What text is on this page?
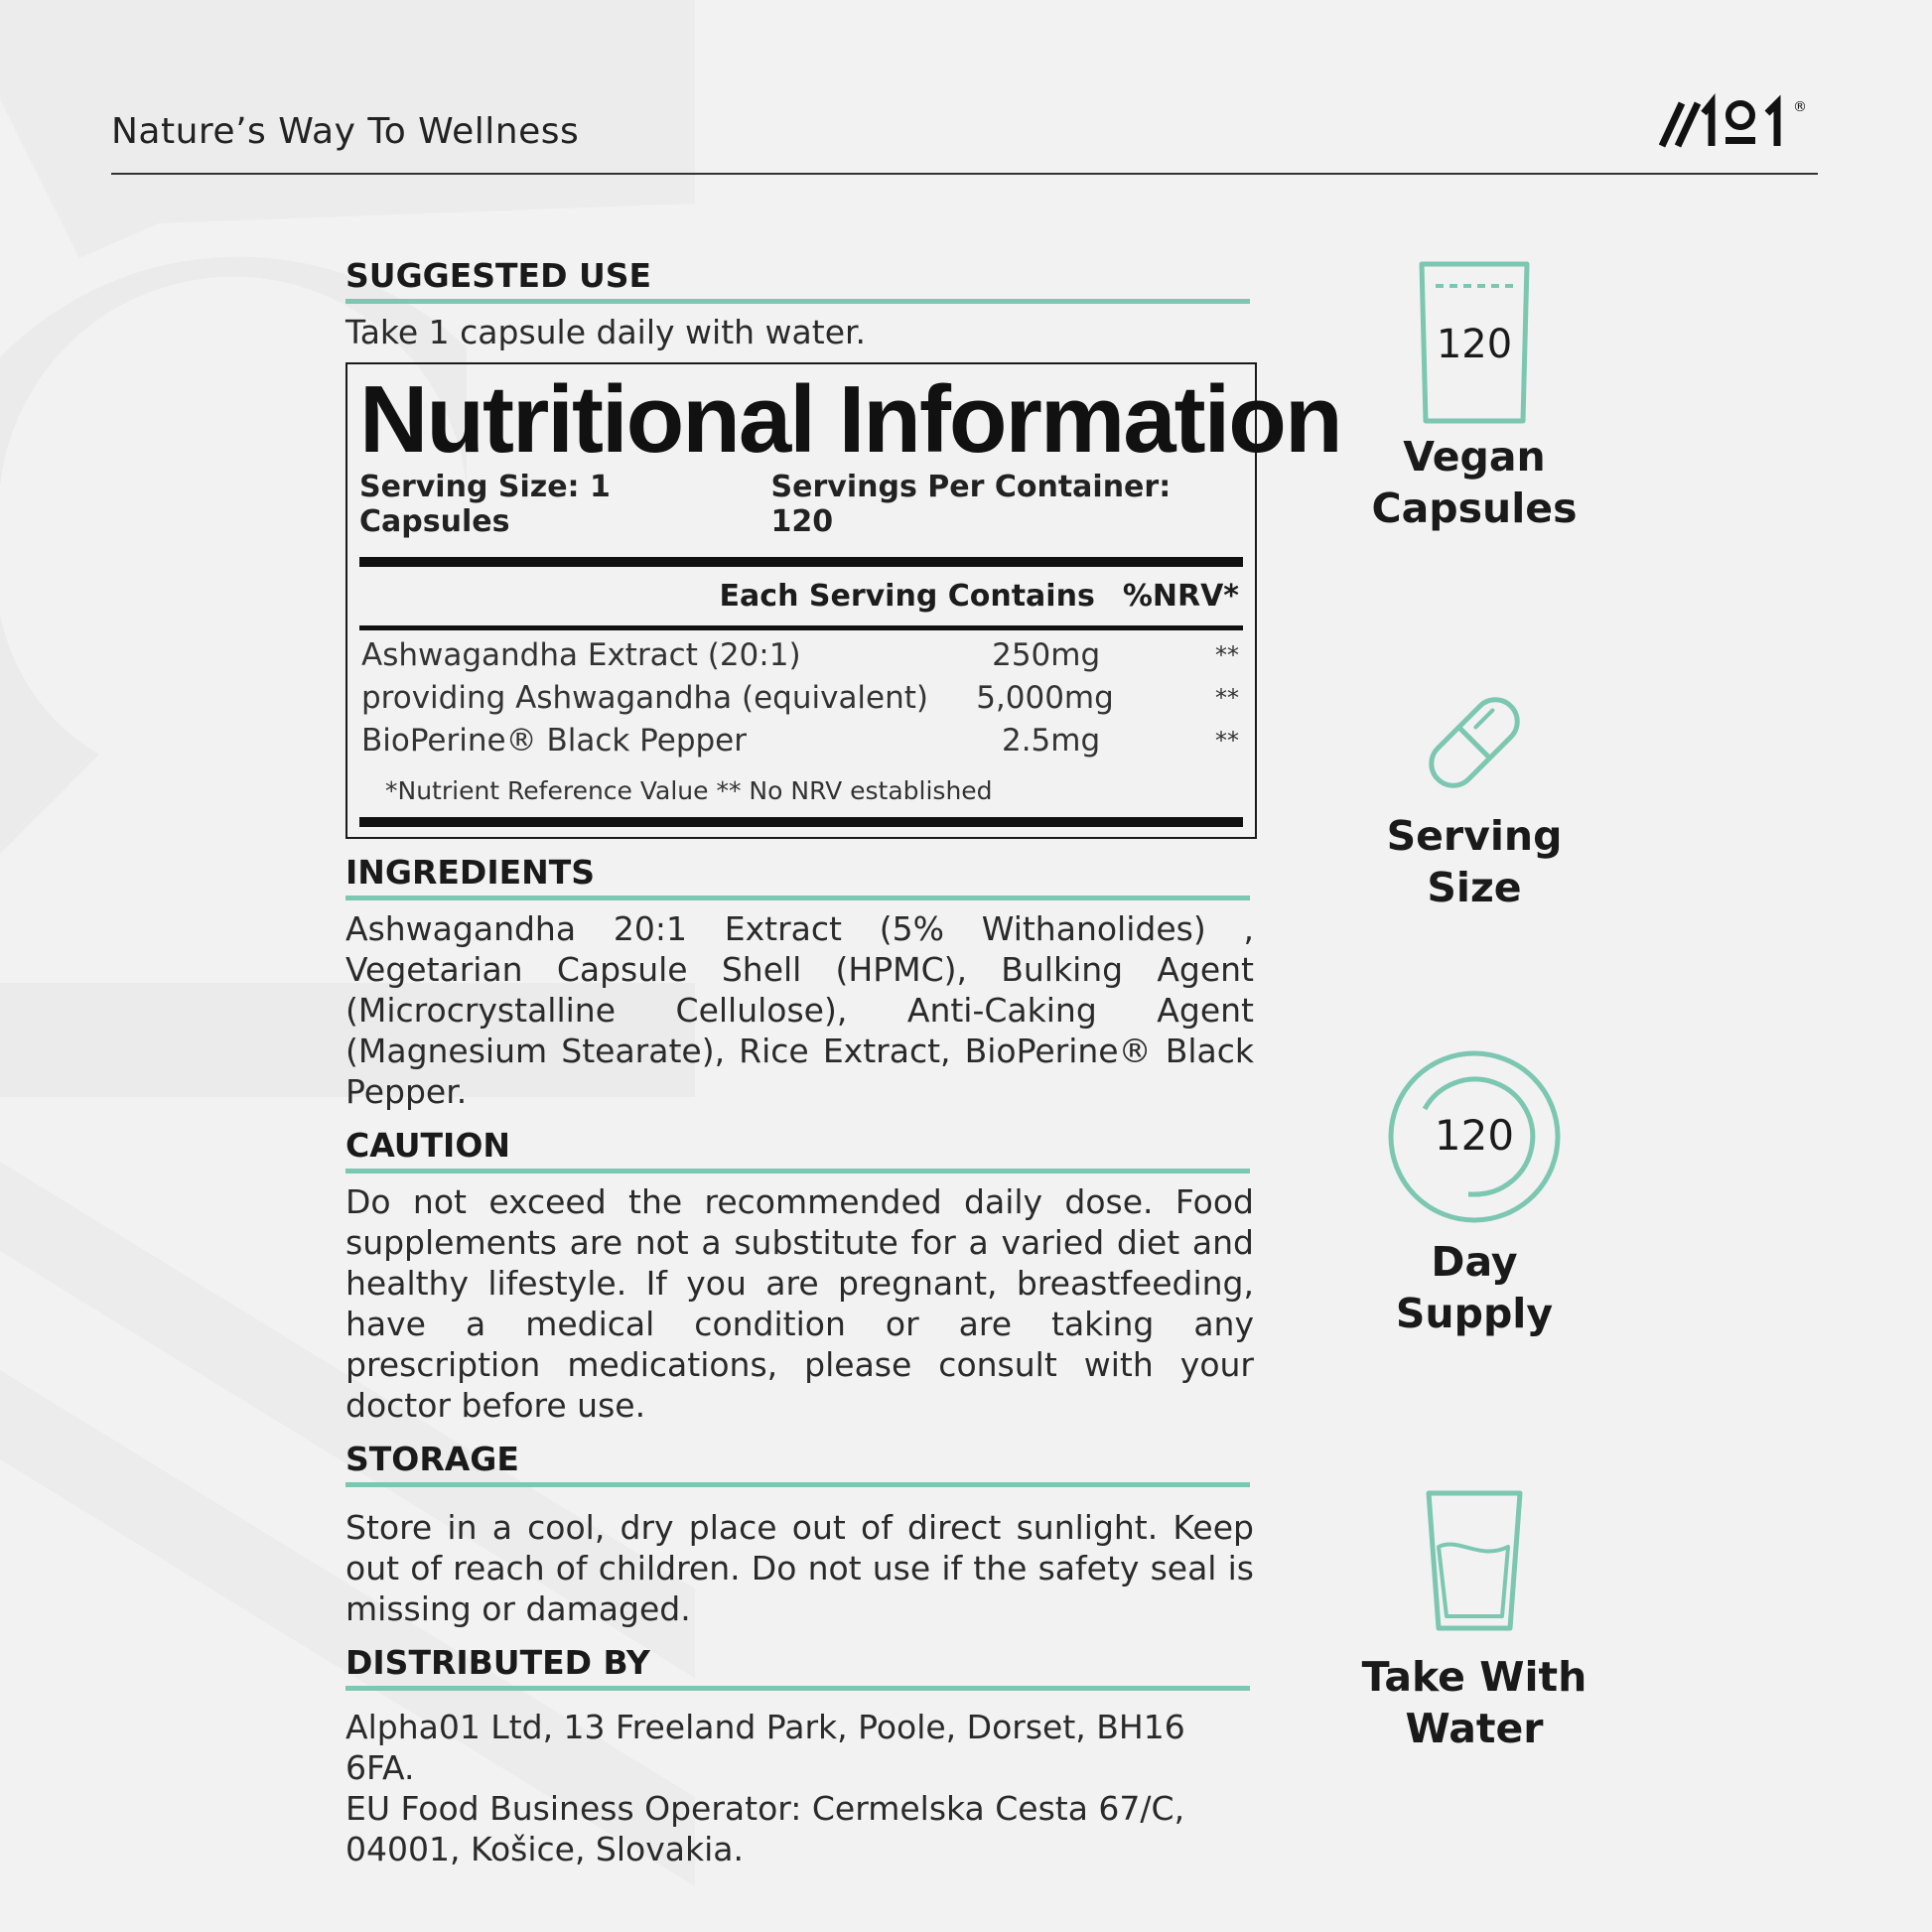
Nature’s Way To Wellness
®
SUGGESTED USE
Take 1 capsule daily with water.
Nutritional Information
Serving Size: 1 Capsules
Servings Per Container: 120
Each Serving Contains %NRV*
Ashwagandha Extract (20:1)	250mg	**
providing Ashwagandha (equivalent)	5,000mg	**
BioPerine® Black Pepper	2.5mg	**
*Nutrient Reference Value ** No NRV established
INGREDIENTS
Ashwagandha 20:1 Extract (5% Withanolides) , Vegetarian Capsule Shell (HPMC), Bulking Agent (Microcrystalline Cellulose), Anti-Caking Agent (Magnesium Stearate), Rice Extract, BioPerine® Black Pepper.
CAUTION
Do not exceed the recommended daily dose. Food supplements are not a substitute for a varied diet and healthy lifestyle. If you are pregnant, breastfeeding, have a medical condition or are taking any prescription medications, please consult with your doctor before use.
STORAGE
Store in a cool, dry place out of direct sunlight. Keep out of reach of children. Do not use if the safety seal is missing or damaged.
DISTRIBUTED BY
Alpha01 Ltd, 13 Freeland Park, Poole, Dorset, BH16 6FA.
EU Food Business Operator: Cermelska Cesta 67/C,
04001, Košice, Slovakia.
120
Vegan
Capsules
Serving
Size
120
Day
Supply
Take With
Water
